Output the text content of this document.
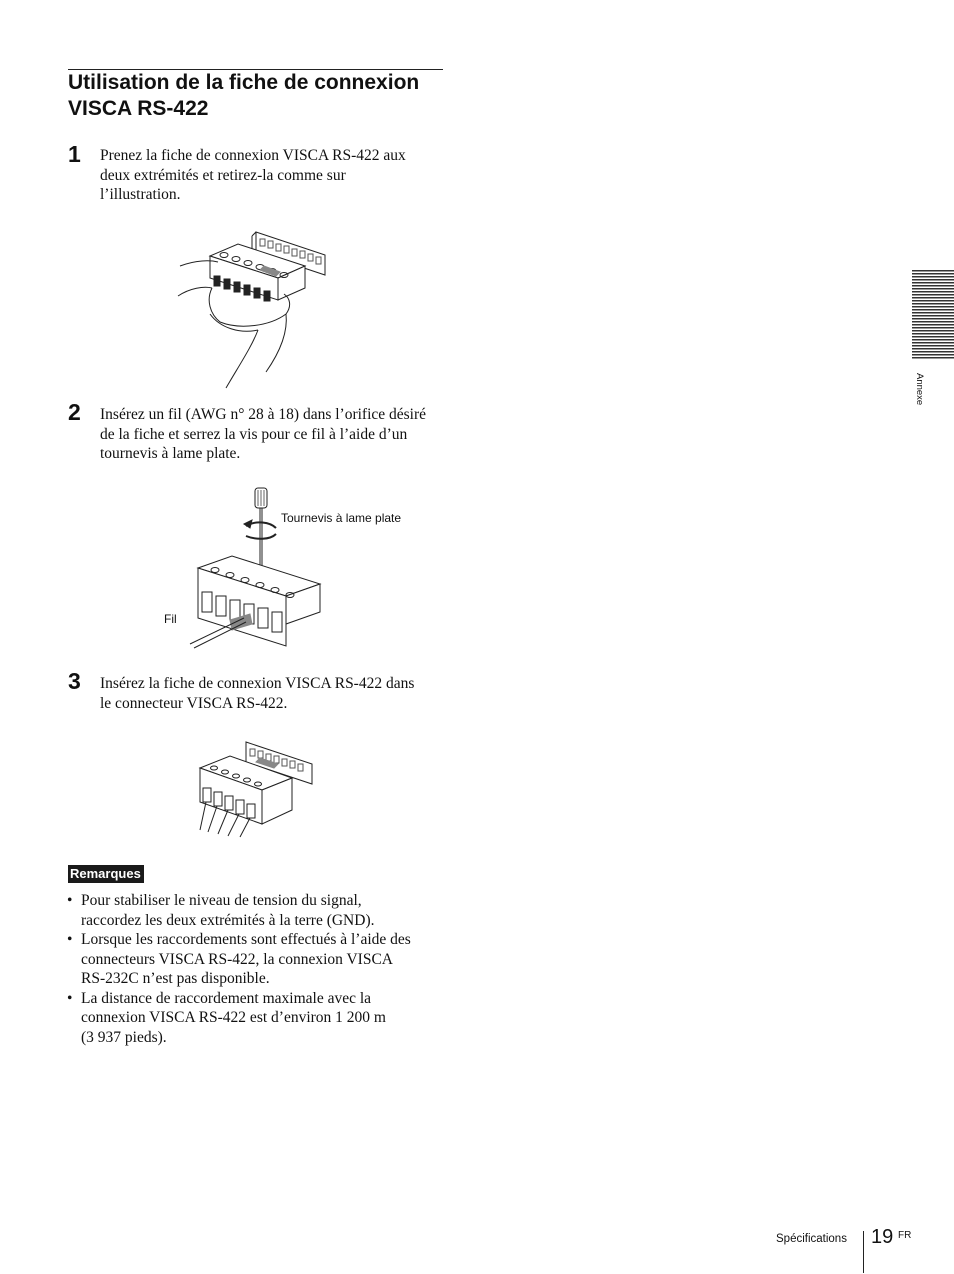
Utilisation de la fiche de connexion
VISCA RS-422
1 Prenez la fiche de connexion VISCA RS-422 aux
deux extrémités et retirez-la comme sur
l’illustration.
2 Insérez un fil (AWG n° 28 à 18) dans l’orifice désiré
de la fiche et serrez la vis pour ce fil à l’aide d’un
tournevis à lame plate.
Tournevis à lame plate
Fil
3 Insérez la fiche de connexion VISCA RS-422 dans
le connecteur VISCA RS-422.
Remarques
• Pour stabiliser le niveau de tension du signal,
raccordez les deux extrémités à la terre (GND).
• Lorsque les raccordements sont effectués à l’aide des
connecteurs VISCA RS-422, la connexion VISCA
RS-232C n’est pas disponible.
• La distance de raccordement maximale avec la
connexion VISCA RS-422 est d’environ 1 200 m
(3 937 pieds).
Annexe
Spécifications 19 FR
